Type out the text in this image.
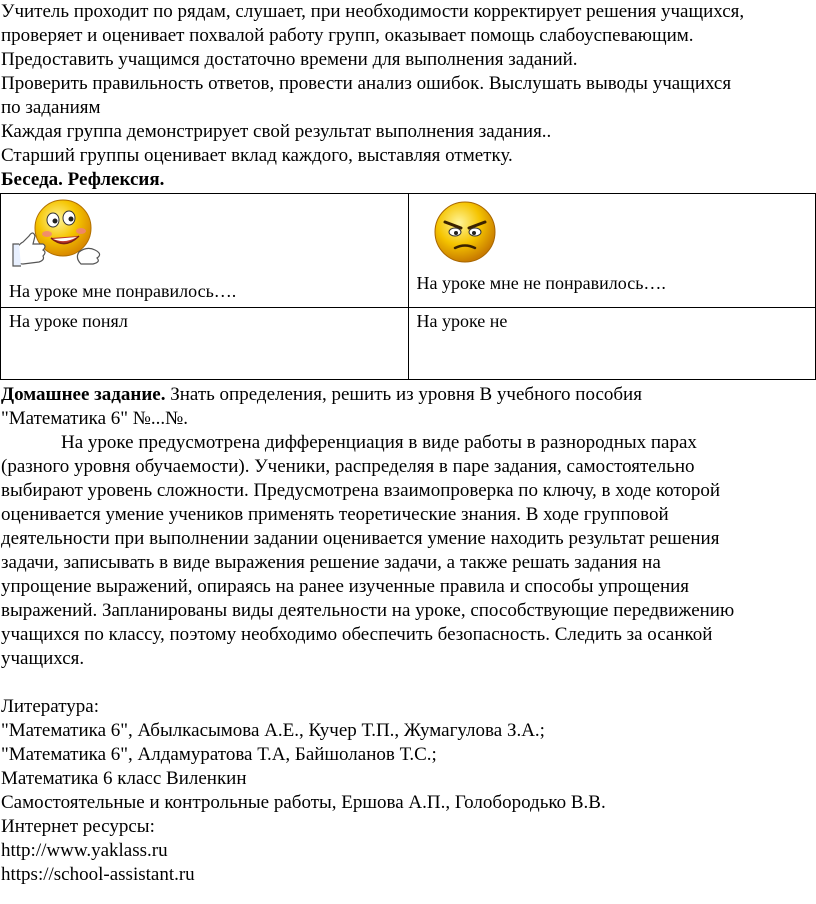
Учитель проходит по рядам, слушает, при необходимости корректирует решения учащихся,
проверяет и оценивает похвалой работу групп, оказывает помощь слабоуспевающим.
Предоставить учащимся достаточно времени для выполнения заданий.
Проверить правильность ответов, провести анализ ошибок. Выслушать выводы учащихся
по заданиям
Каждая группа демонстрирует свой результат выполнения задания..
Старший группы оценивает вклад каждого, выставляя отметку.
Беседа. Рефлексия.
На уроке мне понравилось….	На уроке мне не понравилось….

На уроке понял	На уроке не
Домашнее задание. Знать определения, решить из уровня В учебного пособия
"Математика 6" №...№.
На уроке предусмотрена дифференциация в виде работы в разнородных парах
(разного уровня обучаемости). Ученики, распределяя в паре задания, самостоятельно
выбирают уровень сложности. Предусмотрена взаимопроверка по ключу, в ходе которой
оценивается умение учеников применять теоретические знания. В ходе групповой
деятельности при выполнении задании оценивается умение находить результат решения
задачи, записывать в виде выражения решение задачи, а также решать задания на
упрощение выражений, опираясь на ранее изученные правила и способы упрощения
выражений. Запланированы виды деятельности на уроке, способствующие передвижению
учащихся по классу, поэтому необходимо обеспечить безопасность. Следить за осанкой
учащихся.
Литература:
"Математика 6", Абылкасымова А.Е., Кучер Т.П., Жумагулова З.А.;
"Математика 6", Алдамуратова Т.А, Байшоланов Т.С.;
Математика 6 класс Виленкин
Самостоятельные и контрольные работы, Ершова А.П., Голобородько В.В.
Интернет ресурсы:
http://www.yaklass.ru
https://school-assistant.ru
